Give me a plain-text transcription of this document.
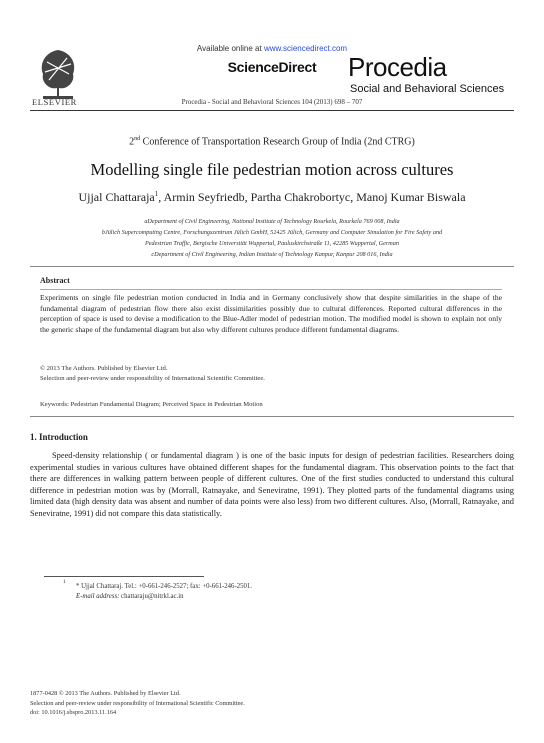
ELSEVIER
Available online at www.sciencedirect.com
ScienceDirect	Procedia
Social and Behavioral Sciences
Procedia - Social and Behavioral Sciences 104 (2013) 698 – 707
2nd Conference of Transportation Research Group of India (2nd CTRG)
Modelling single file pedestrian motion across cultures
Ujjal Chattaraja$^1$, Armin Seyfriedb, Partha Chakrobortyc, Manoj Kumar Biswala
aDepartment of Civil Engineering, National Institute of Technology Rourkela, Rourkela 769 008, India
bJülich Supercomputing Centre, Forschungszentrum Jülich GmbH, 52425 Jülich, Germany and Computer Simulation for Fire Safety and
Pedestrian Traffic, Bergische Universität Wuppertal, Pauluskirchstraße 11, 42285 Wuppertal, German
cDepartment of Civil Engineering, Indian Institute of Technology Kanpur, Kanpur 208 016, India
Abstract
Experiments on single file pedestrian motion conducted in India and in Germany conclusively show that despite similarities in the shape of the fundamental diagram of pedestrian flow there also exist dissimilarities possibly due to cultural differences. Reported cultural differences in the perception of space is used to devise a modification to the Blue-Adler model of pedestrian motion. The modified model is shown to explain not only the generic shape of the fundamental diagram but also why different cultures produce different fundamental diagrams.
© 2013 The Authors. Published by Elsevier Ltd.
Selection and peer-review under responsibility of International Scientific Committee.
Keywords: Pedestrian Fundamental Diagram; Perceived Space in Pedestrian Motion
1. Introduction
Speed-density relationship ( or fundamental diagram ) is one of the basic inputs for design of pedestrian facilities. Researchers doing experimental studies in various cultures have obtained different shapes for the fundamental diagram. This observation points to the fact that there are differences in walking pattern between people of different cultures. One of the first studies conducted to understand this cultural difference in pedestrian motion was by (Morrall, Ratnayake, and Seneviratne, 1991). They plotted parts of the fundamental diagrams using limited data (high density data was absent and number of data points were also less) from two different cultures. Also, (Morrall, Ratnayake, and Seneviratne, 1991) did not compare this data statistically.
1
* Ujjal Chattaraj. Tel.: +0-661-246-2527; fax: +0-661-246-2501.
E-mail address: chattaraju@nitrkl.ac.in
1877-0428 © 2013 The Authors. Published by Elsevier Ltd.
Selection and peer-review under responsibility of International Scientific Committee.
doi: 10.1016/j.sbspro.2013.11.164
